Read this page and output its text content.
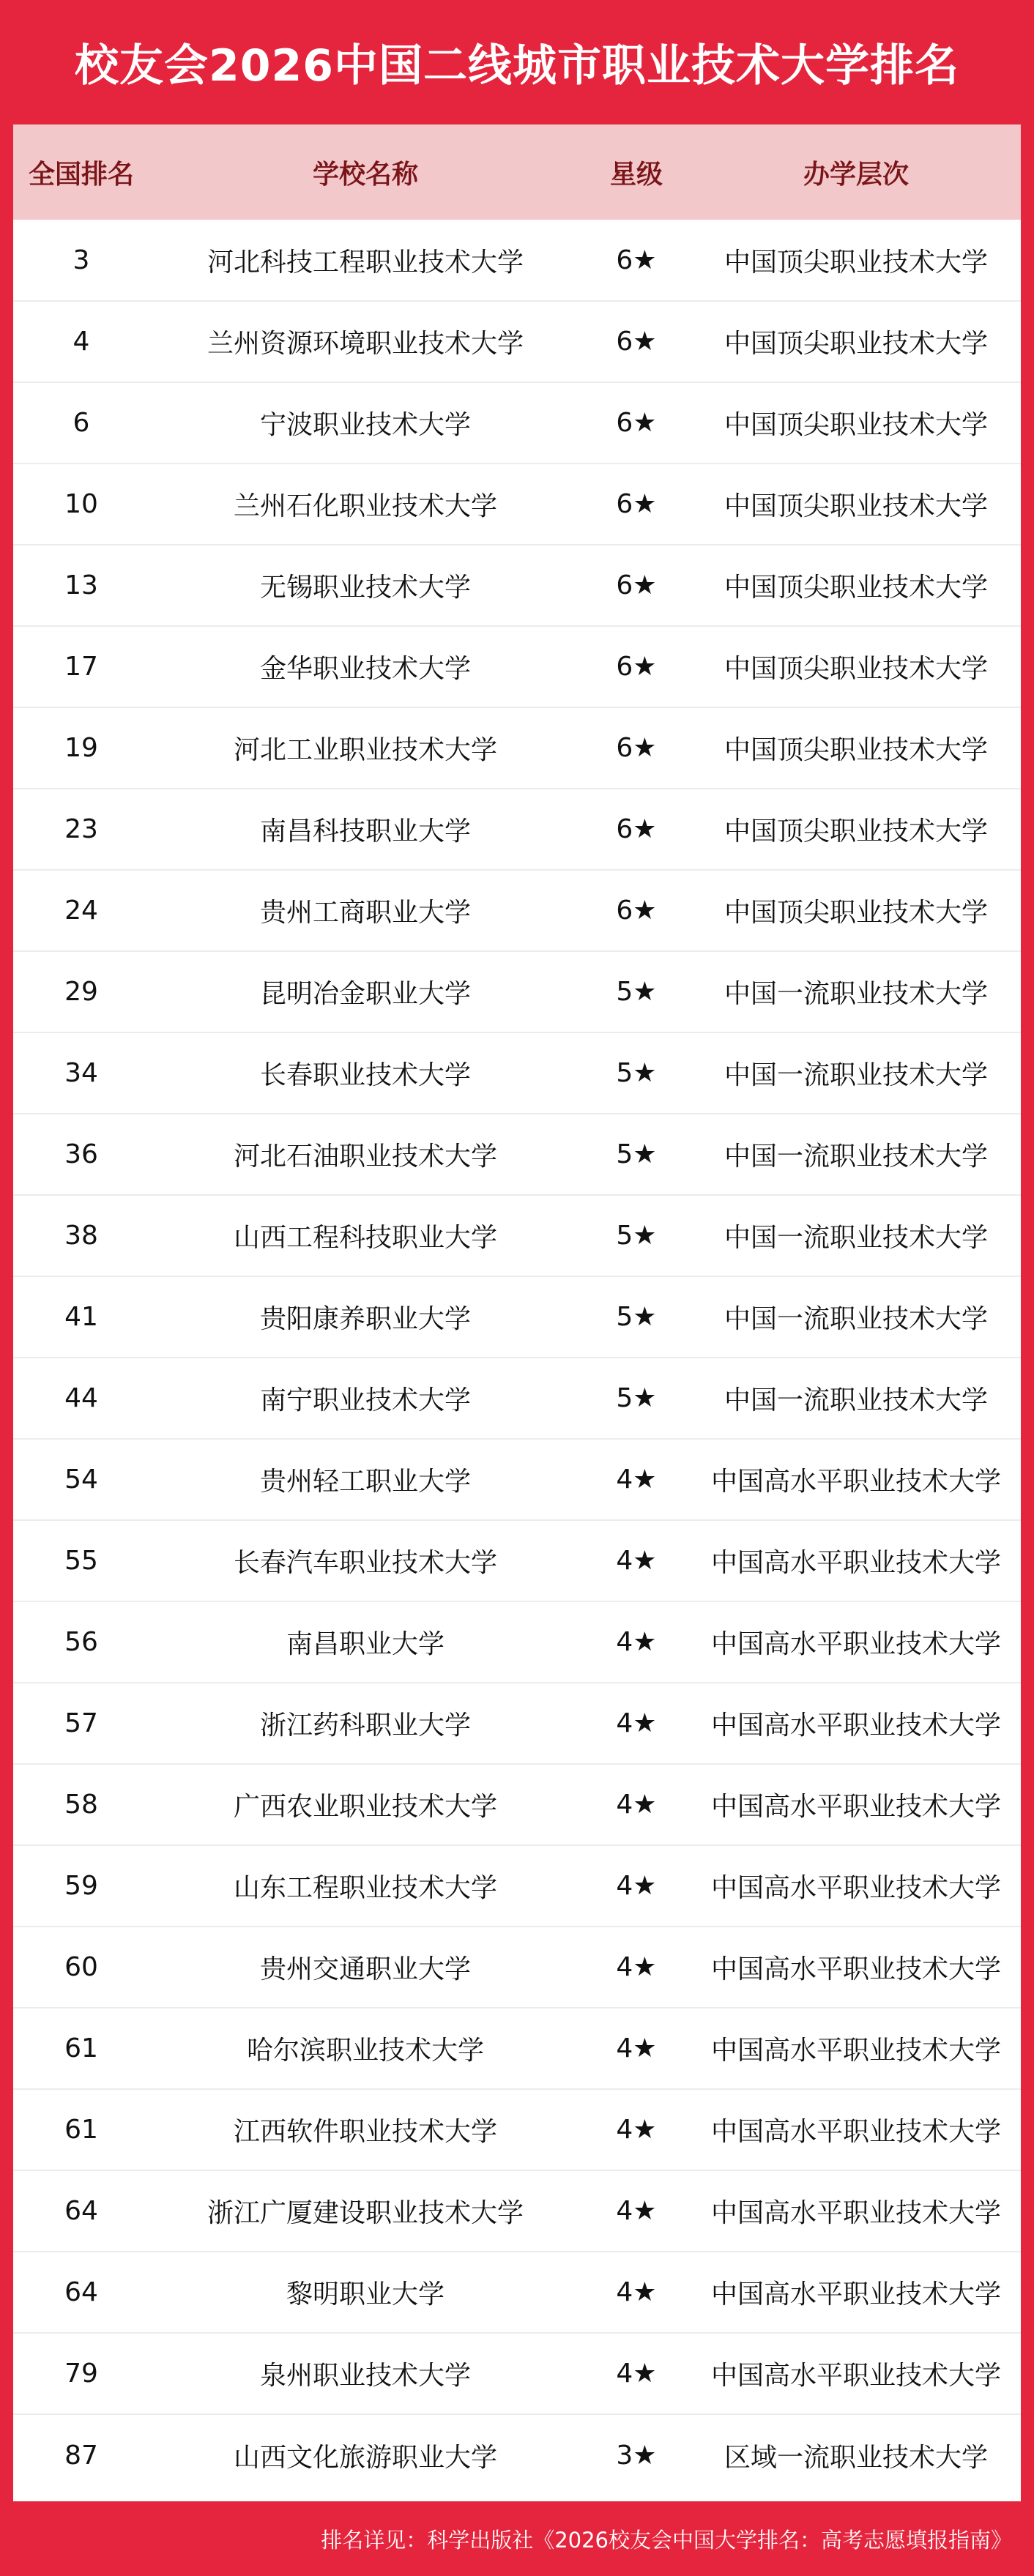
校友会2026中国二线城市职业技术大学排名
全国排名	学校名称	星级	办学层次
3	河北科技工程职业技术大学	6★	中国顶尖职业技术大学
4	兰州资源环境职业技术大学	6★	中国顶尖职业技术大学
6	宁波职业技术大学	6★	中国顶尖职业技术大学
10	兰州石化职业技术大学	6★	中国顶尖职业技术大学
13	无锡职业技术大学	6★	中国顶尖职业技术大学
17	金华职业技术大学	6★	中国顶尖职业技术大学
19	河北工业职业技术大学	6★	中国顶尖职业技术大学
23	南昌科技职业大学	6★	中国顶尖职业技术大学
24	贵州工商职业大学	6★	中国顶尖职业技术大学
29	昆明冶金职业大学	5★	中国一流职业技术大学
34	长春职业技术大学	5★	中国一流职业技术大学
36	河北石油职业技术大学	5★	中国一流职业技术大学
38	山西工程科技职业大学	5★	中国一流职业技术大学
41	贵阳康养职业大学	5★	中国一流职业技术大学
44	南宁职业技术大学	5★	中国一流职业技术大学
54	贵州轻工职业大学	4★	中国高水平职业技术大学
55	长春汽车职业技术大学	4★	中国高水平职业技术大学
56	南昌职业大学	4★	中国高水平职业技术大学
57	浙江药科职业大学	4★	中国高水平职业技术大学
58	广西农业职业技术大学	4★	中国高水平职业技术大学
59	山东工程职业技术大学	4★	中国高水平职业技术大学
60	贵州交通职业大学	4★	中国高水平职业技术大学
61	哈尔滨职业技术大学	4★	中国高水平职业技术大学
61	江西软件职业技术大学	4★	中国高水平职业技术大学
64	浙江广厦建设职业技术大学	4★	中国高水平职业技术大学
64	黎明职业大学	4★	中国高水平职业技术大学
79	泉州职业技术大学	4★	中国高水平职业技术大学
87	山西文化旅游职业大学	3★	区域一流职业技术大学
排名详见：科学出版社《2026校友会中国大学排名：高考志愿填报指南》
